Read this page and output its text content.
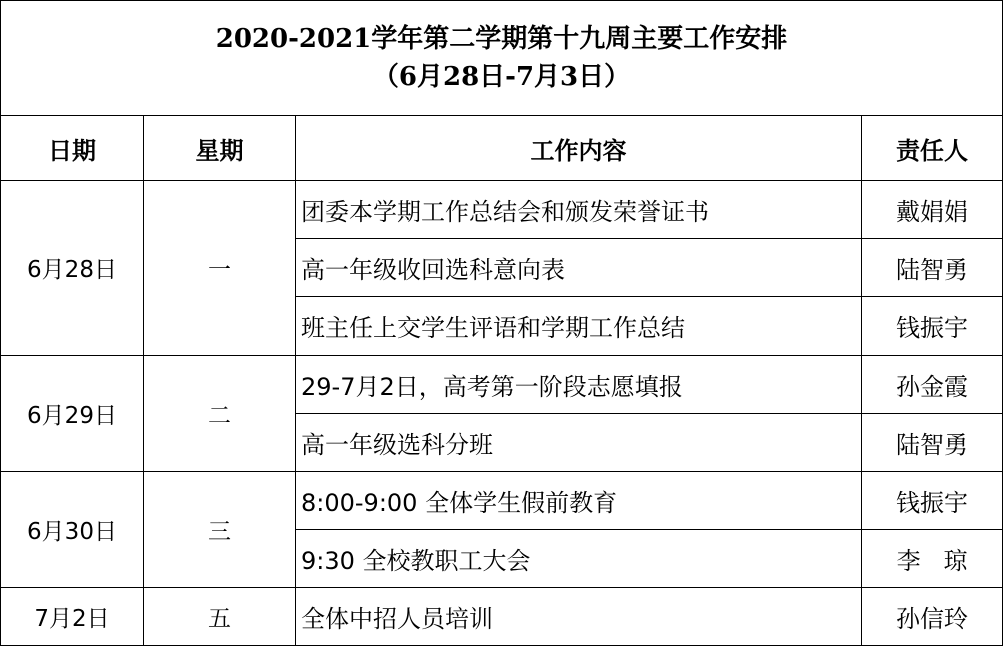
2020-2021学年第二学期第十九周主要工作安排
（6月28日-7月3日）			

日期	星期	工作内容	责任人
6月28日	一	团委本学期工作总结会和颁发荣誉证书	戴娟娟
		高一年级收回选科意向表	陆智勇
		班主任上交学生评语和学期工作总结	钱振宇
6月29日	二	29-7月2日，高考第一阶段志愿填报	孙金霞
		高一年级选科分班	陆智勇
6月30日	三	8:00-9:00 全体学生假前教育	钱振宇
		9:30 全校教职工大会	李   琼
7月2日	五	全体中招人员培训	孙信玲
